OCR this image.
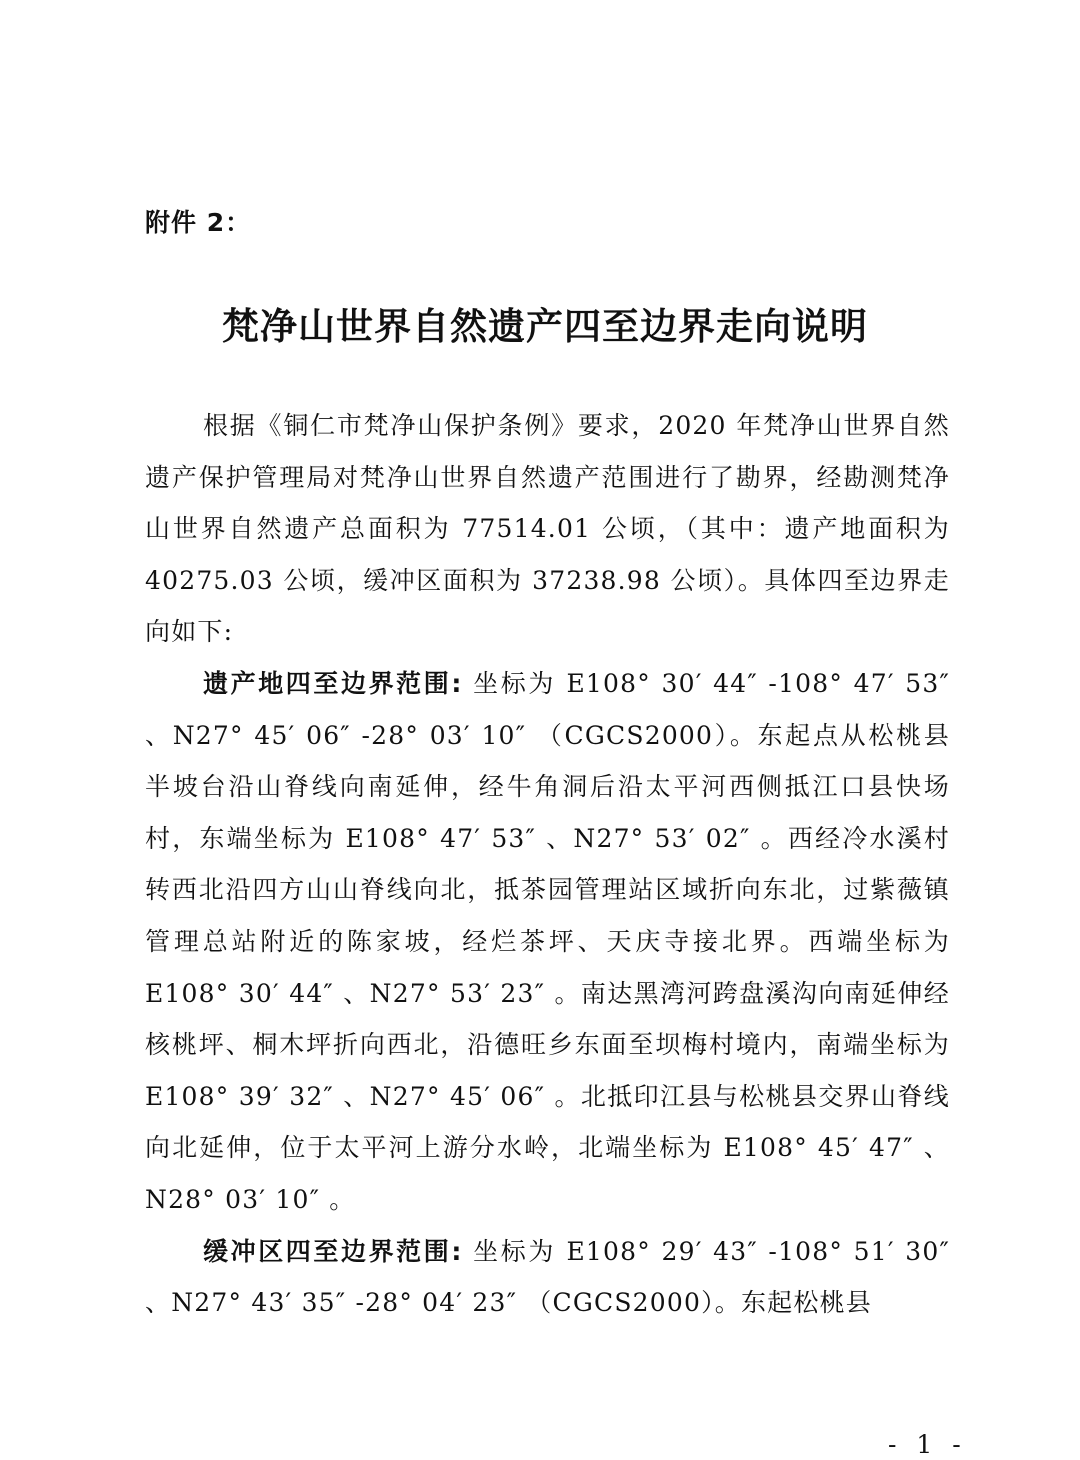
附件 2：
梵净山世界自然遗产四至边界走向说明

根据《铜仁市梵净山保护条例》要求，2020 年梵净山世界自然遗产保护管理局对梵净山世界自然遗产范围进行了勘界，经勘测梵净山世界自然遗产总面积为 77514.01 公顷，（其中：遗产地面积为 40275.03 公顷，缓冲区面积为 37238.98 公顷）。具体四至边界走向如下:

遗产地四至边界范围: 坐标为 E108° 30′ 44″ -108° 47′ 53″ 、N27° 45′ 06″ -28° 03′ 10″ （CGCS2000）。东起点从松桃县半坡台沿山脊线向南延伸，经牛角洞后沿太平河西侧抵江口县快场村，东端坐标为 E108° 47′ 53″ 、N27° 53′ 02″ 。西经冷水溪村转西北沿四方山山脊线向北，抵茶园管理站区域折向东北，过紫薇镇管理总站附近的陈家坡，经烂茶坪、天庆寺接北界。西端坐标为 E108° 30′ 44″ 、N27° 53′ 23″ 。南达黑湾河跨盘溪沟向南延伸经核桃坪、桐木坪折向西北，沿德旺乡东面至坝梅村境内，南端坐标为 E108° 39′ 32″ 、N27° 45′ 06″ 。北抵印江县与松桃县交界山脊线向北延伸，位于太平河上游分水岭，北端坐标为 E108° 45′ 47″ 、N28° 03′ 10″ 。

缓冲区四至边界范围: 坐标为 E108° 29′ 43″ -108° 51′ 30″ 、N27° 43′ 35″ -28° 04′ 23″ （CGCS2000）。东起松桃县

- 1 -
